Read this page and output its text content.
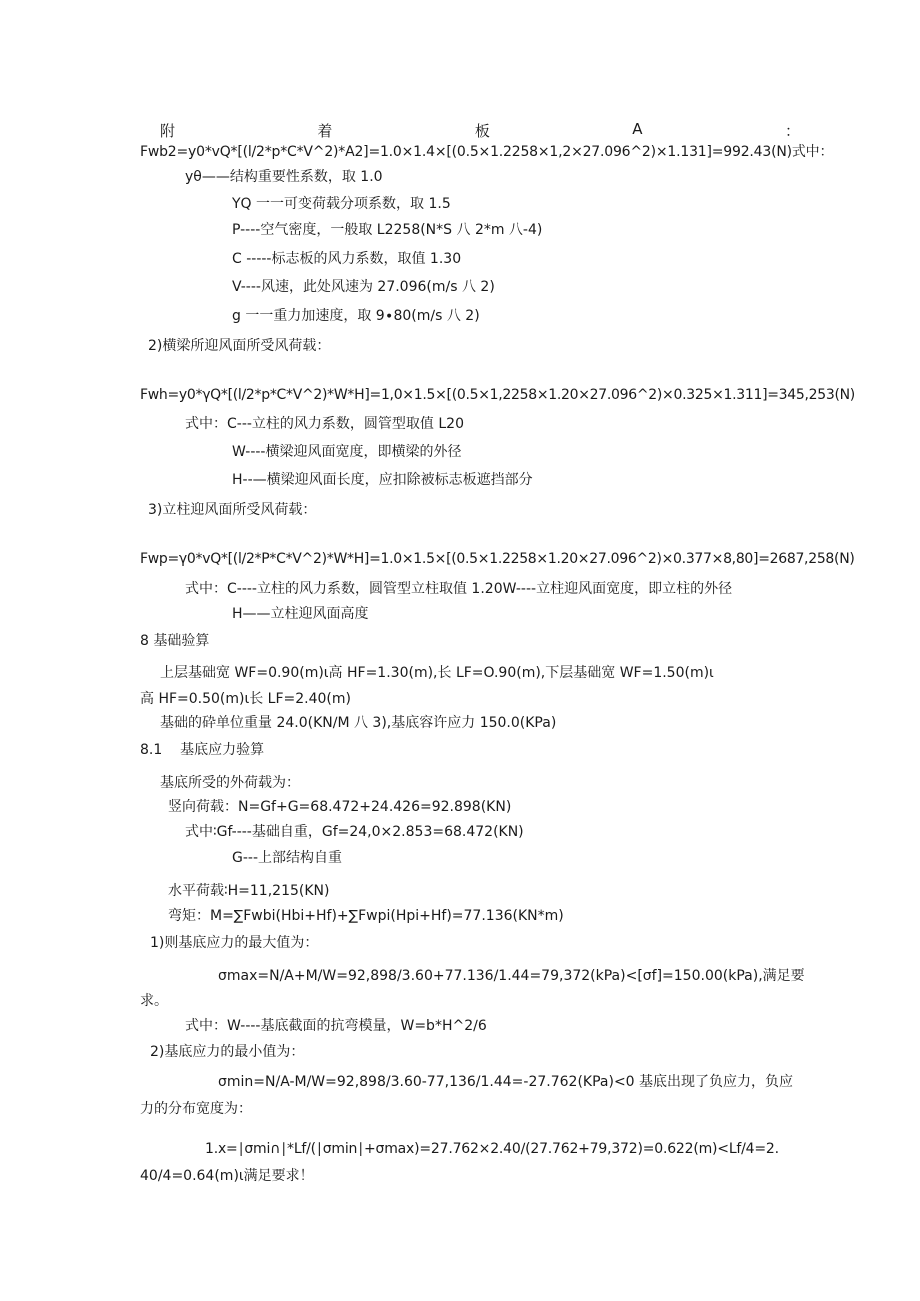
附	着	板	A	：
Fwb2=y0*vQ*[(l∕2*p*C*V^2)*A2]=1.0×1.4×[(0.5×1.2258×1,2×27.096^2)×1.131]=992.43(N)式中：
yθ——结构重要性系数，取 1.0
YQ 一一可变荷载分项系数，取 1.5
P----空气密度，一般取 L2258(N*S 八 2*m 八-4)
C -----标志板的风力系数，取值 1.30
V----风速，此处风速为 27.096(m∕s 八 2)
g 一一重力加速度，取 9∙80(m∕s 八 2)
2)横梁所迎风面所受风荷载：
Fwh=y0*γQ*[(l∕2*p*C*V^2)*W*H]=1,0×1.5×[(0.5×1,2258×1.20×27.096^2)×0.325×1.311]=345,253(N)
式中：C---立柱的风力系数，圆管型取值 L20
W----横梁迎风面宽度，即横梁的外径
H--—横梁迎风面长度，应扣除被标志板遮挡部分
3)立柱迎风面所受风荷载：
Fwp=γ0*vQ*[(l∕2*P*C*V^2)*W*H]=1.0×1.5×[(0.5×1.2258×1.20×27.096^2)×0.377×8,80]=2687,258(N)
式中：C----立柱的风力系数，圆管型立柱取值 1.20W----立柱迎风面宽度，即立柱的外径
H——立柱迎风面高度
8 基础验算
上层基础宽 WF=0.90(m)ι高 HF=1.30(m),长 LF=O.90(m),下层基础宽 WF=1.50(m)ι
高 HF=0.50(m)ι长 LF=2.40(m)
基础的砕单位重量 24.0(KN∕M 八 3),基底容许应力 150.0(KPa)
8.1    基底应力验算
基底所受的外荷载为：
竖向荷载：N=Gf+G=68.472+24.426=92.898(KN)
式中∶Gf----基础自重，Gf=24,0×2.853=68.472(KN)
G---上部结构自重
水平荷载∶H=11,215(KN)
弯矩：M=∑Fwbi(Hbi+Hf)+∑Fwpi(Hpi+Hf)=77.136(KN*m)
1)则基底应力的最大值为：
σmax=N/A+M/W=92,898/3.60+77.136/1.44=79,372(kPa)<[σf]=150.00(kPa),满足要
求。
式中：W----基底截面的抗弯模量，W=b*H^2∕6
2)基底应力的最小值为：
σmin=N/A-M/W=92,898/3.60-77,136/1.44=-27.762(KPa)<0 基底出现了负应力，负应
力的分布宽度为：
1.x=∣σmi∩∣*Lf/(∣σmin∣+σmax)=27.762×2.40∕(27.762+79,372)=0.622(m)<Lf/4=2.
40/4=0.64(m)ι满足要求！
